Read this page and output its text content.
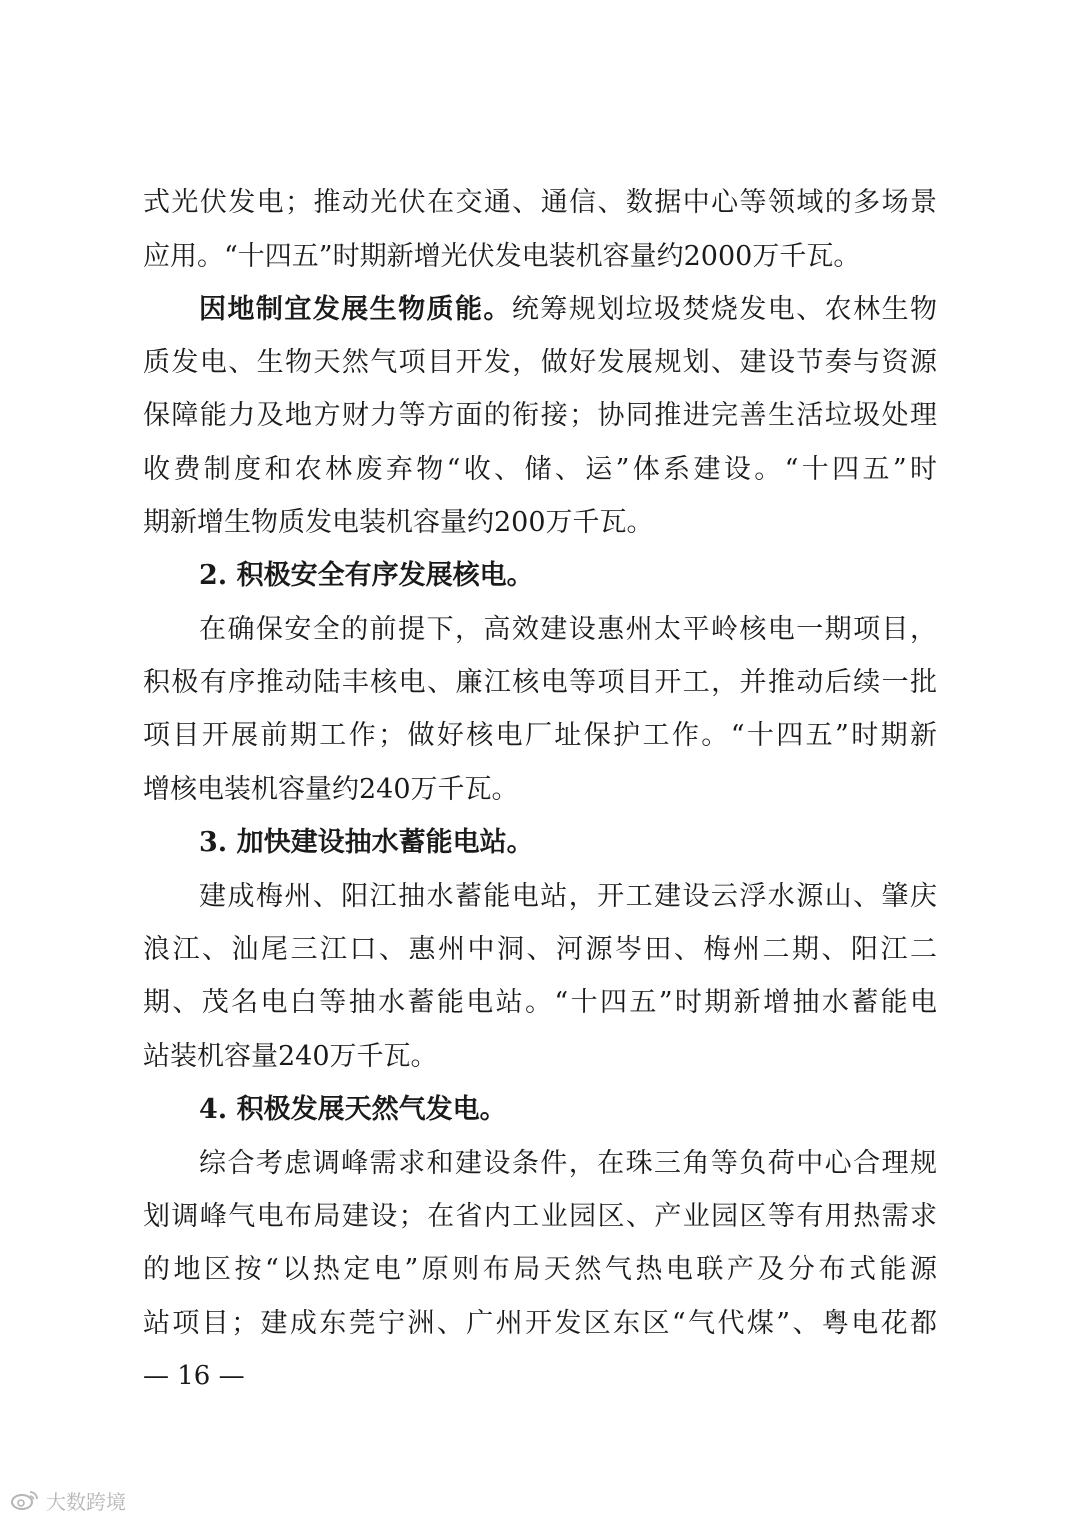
式光伏发电；推动光伏在交通、通信、数据中心等领域的多场景
应用。“十四五”时期新增光伏发电装机容量约2000万千瓦。
因地制宜发展生物质能。统筹规划垃圾焚烧发电、农林生物
质发电、生物天然气项目开发，做好发展规划、建设节奏与资源
保障能力及地方财力等方面的衔接；协同推进完善生活垃圾处理
收费制度和农林废弃物“收、储、运”体系建设。“十四五”时
期新增生物质发电装机容量约200万千瓦。
2. 积极安全有序发展核电。
在确保安全的前提下，高效建设惠州太平岭核电一期项目，
积极有序推动陆丰核电、廉江核电等项目开工，并推动后续一批
项目开展前期工作；做好核电厂址保护工作。“十四五”时期新
增核电装机容量约240万千瓦。
3. 加快建设抽水蓄能电站。
建成梅州、阳江抽水蓄能电站，开工建设云浮水源山、肇庆
浪江、汕尾三江口、惠州中洞、河源岑田、梅州二期、阳江二
期、茂名电白等抽水蓄能电站。“十四五”时期新增抽水蓄能电
站装机容量240万千瓦。
4. 积极发展天然气发电。
综合考虑调峰需求和建设条件，在珠三角等负荷中心合理规
划调峰气电布局建设；在省内工业园区、产业园区等有用热需求
的地区按“以热定电”原则布局天然气热电联产及分布式能源
站项目；建成东莞宁洲、广州开发区东区“气代煤”、粤电花都
— 16 —
大数跨境
